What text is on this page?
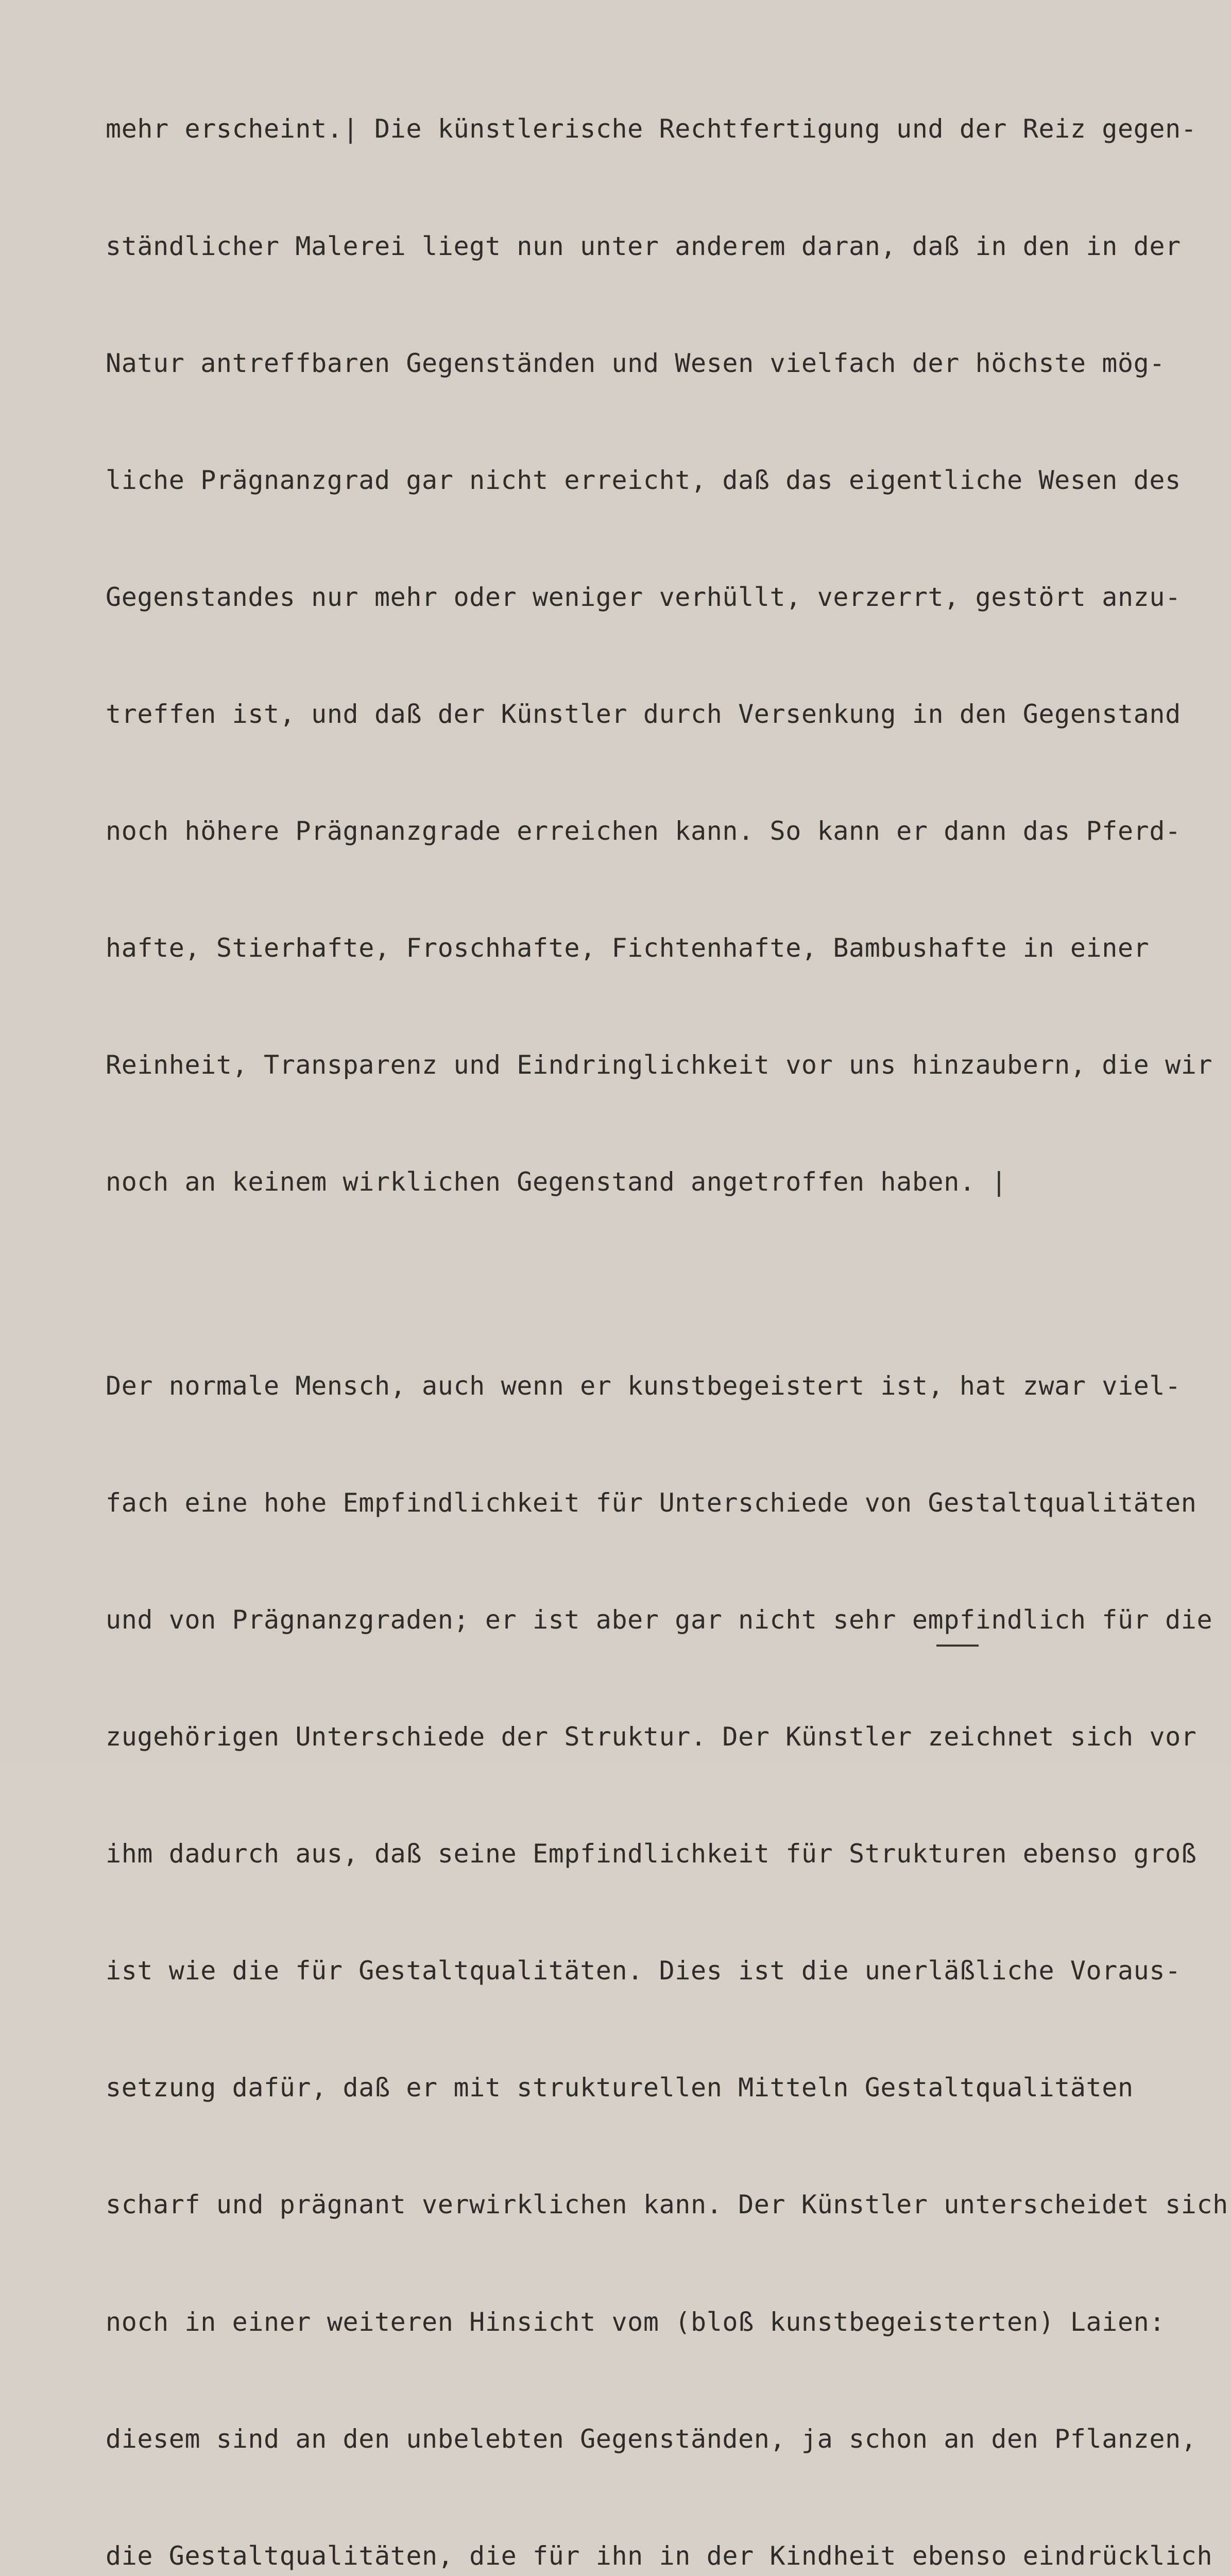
mehr erscheint.| Die künstlerische Rechtfertigung und der Reiz gegen-

ständlicher Malerei liegt nun unter anderem daran, daß in den in der

Natur antreffbaren Gegenständen und Wesen vielfach der höchste mög-

liche Prägnanzgrad gar nicht erreicht, daß das eigentliche Wesen des

Gegenstandes nur mehr oder weniger verhüllt, verzerrt, gestört anzu-

treffen ist, und daß der Künstler durch Versenkung in den Gegenstand

noch höhere Prägnanzgrade erreichen kann. So kann er dann das Pferd-

hafte, Stierhafte, Froschhafte, Fichtenhafte, Bambushafte in einer

Reinheit, Transparenz und Eindringlichkeit vor uns hinzaubern, die wir

noch an keinem wirklichen Gegenstand angetroffen haben. |

Der normale Mensch, auch wenn er kunstbegeistert ist, hat zwar viel-

fach eine hohe Empfindlichkeit für Unterschiede von Gestaltqualitäten

und von Prägnanzgraden; er ist aber gar nicht sehr empfindlich für die

zugehörigen Unterschiede der Struktur. Der Künstler zeichnet sich vor

ihm dadurch aus, daß seine Empfindlichkeit für Strukturen ebenso groß

ist wie die für Gestaltqualitäten. Dies ist die unerläßliche Voraus-

setzung dafür, daß er mit strukturellen Mitteln Gestaltqualitäten

scharf und prägnant verwirklichen kann. Der Künstler unterscheidet sich

noch in einer weiteren Hinsicht vom (bloß kunstbegeisterten) Laien:

diesem sind an den unbelebten Gegenständen, ja schon an den Pflanzen,

die Gestaltqualitäten, die für ihn in der Kindheit ebenso eindrücklich
